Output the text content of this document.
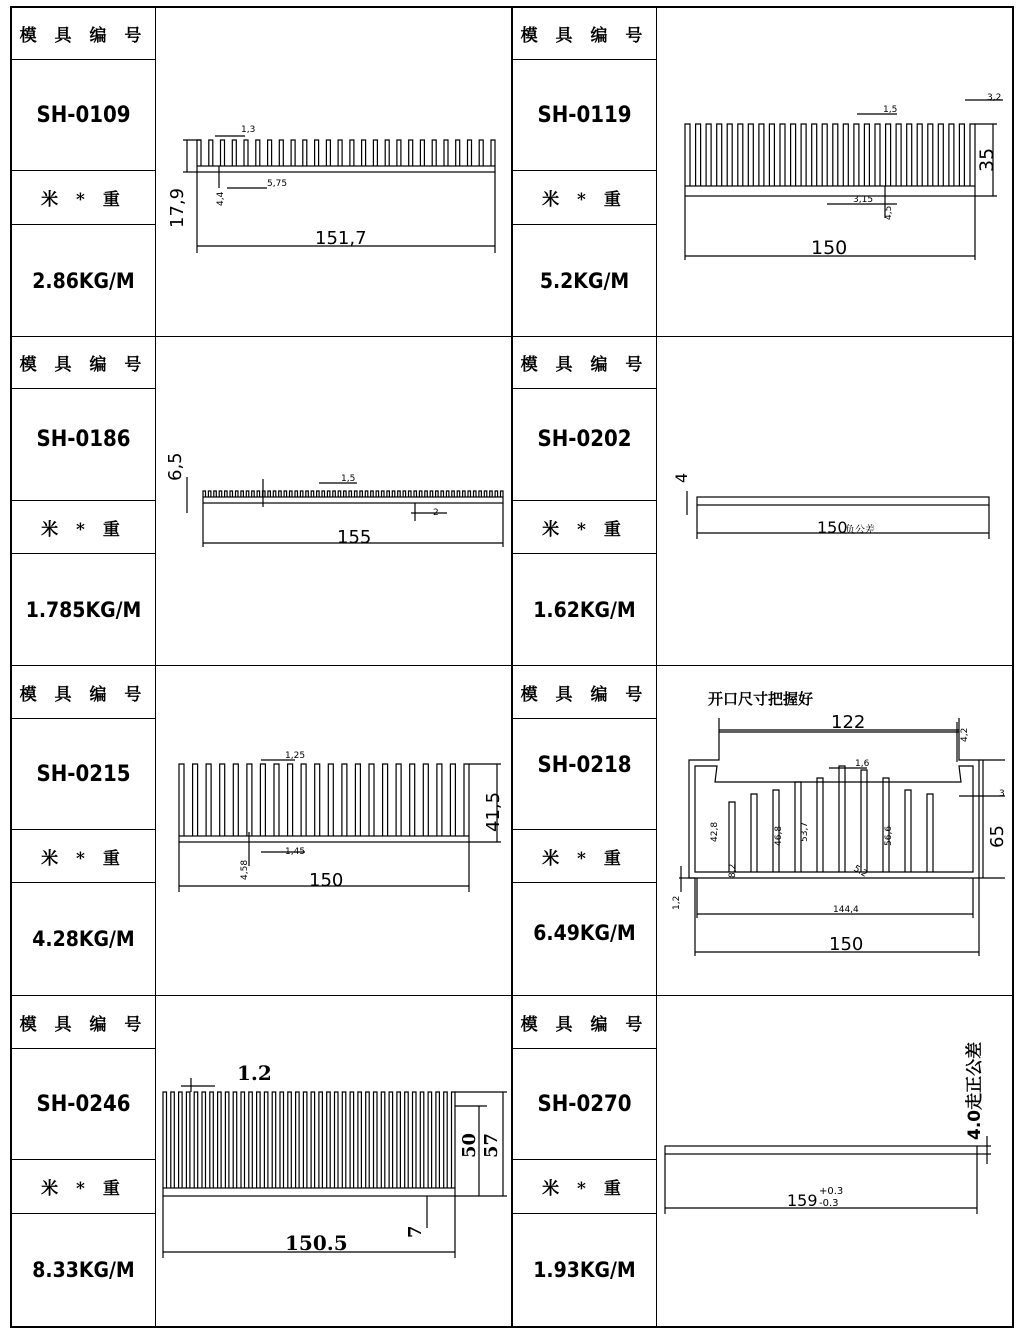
模 具 编 号
SH-0109
米 * 重
2.86KG/M
17,9
151,7
1,3
4,4
5,75
模 具 编 号
SH-0119
米 * 重
5.2KG/M
150
35
3,2
1,5
3,15
4,5
模 具 编 号
SH-0186
米 * 重
1.785KG/M
6,5
155
1,5
2
模 具 编 号
SH-0202
米 * 重
1.62KG/M
4
150
负公差
模 具 编 号
SH-0215
米 * 重
4.28KG/M
41,5
150
1,25
1,45
4,58
模 具 编 号
SH-0218
米 * 重
6.49KG/M
开口尺寸把握好
122
150
65
144,4
1,6
4,2
3
1,2
42,8	46,8 53,7	56,6
8,2	5.2
模 具 编 号
SH-0246
米 * 重
8.33KG/M
1.2
150.5
50 57
7
模 具 编 号
SH-0270
米 * 重
1.93KG/M
4.0走正公差
159 +0.3
-0.3
